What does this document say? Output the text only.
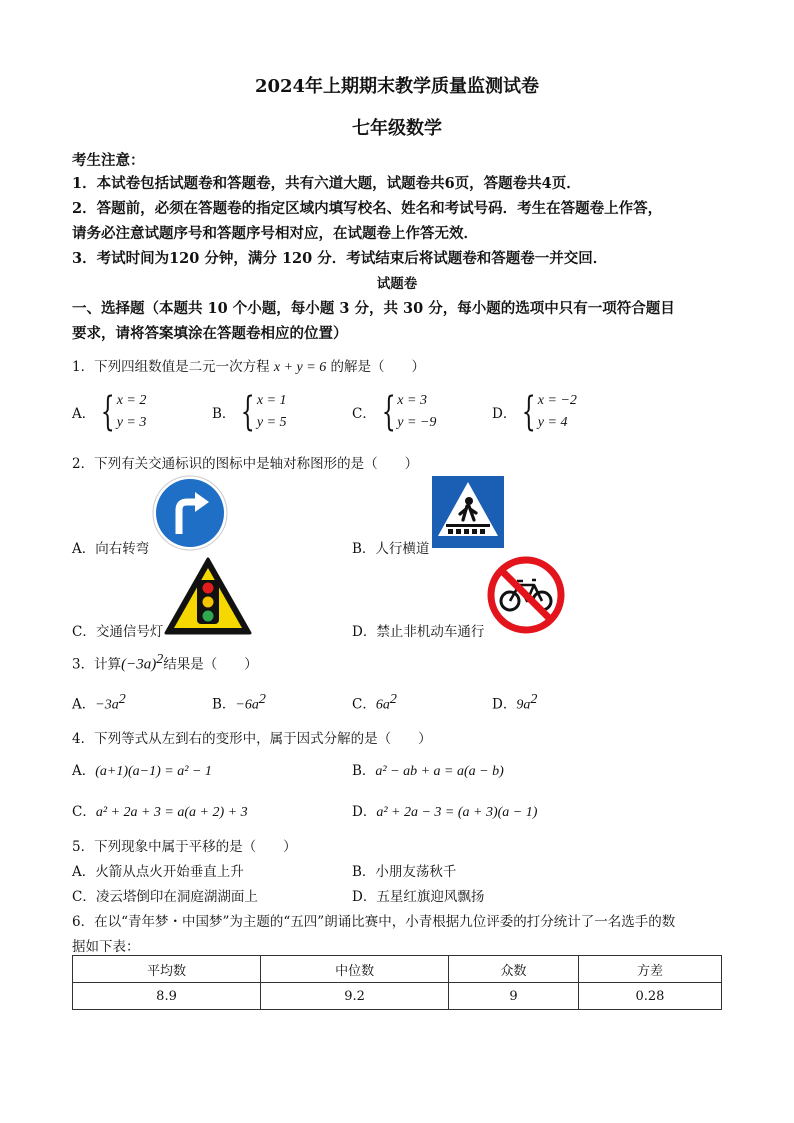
2024年上期期末教学质量监测试卷
七年级数学
考生注意：
1．本试卷包括试题卷和答题卷，共有六道大题，试题卷共6页，答题卷共4页．
2．答题前，必须在答题卷的指定区域内填写校名、姓名和考试号码．考生在答题卷上作答，
请务必注意试题序号和答题序号相对应，在试题卷上作答无效．
3．考试时间为120 分钟，满分 120 分．考试结束后将试题卷和答题卷一并交回．
试题卷
一、选择题（本题共 10 个小题，每小题 3 分，共 30 分，每小题的选项中只有一项符合题目
要求，请将答案填涂在答题卷相应的位置）
1．下列四组数值是二元一次方程 x + y = 6 的解是（　　）
A． { x = 2
y = 3
B． { x = 1
y = 5
C． { x = 3
y = −9
D． { x = −2
y = 4
2．下列有关交通标识的图标中是轴对称图形的是（　　）
A．向右转弯	B．人行横道
C．交通信号灯	D．禁止非机动车通行
3．计算$(-3a)^2$结果是（　　）
A．$-3a^2$	B．$-6a^2$	C．$6a^2$	D．$9a^2$
4．下列等式从左到右的变形中，属于因式分解的是（　　）
A．(a+1)(a−1) = a² − 1	B．a² − ab + a = a(a − b)
C．a² + 2a + 3 = a(a + 2) + 3	D．a² + 2a − 3 = (a + 3)(a − 1)
5．下列现象中属于平移的是（　　）
A．火箭从点火开始垂直上升	B．小朋友荡秋千
C．凌云塔倒印在洞庭湖湖面上	D．五星红旗迎风飘扬
6．在以“青年梦・中国梦”为主题的“五四”朗诵比赛中，小青根据九位评委的打分统计了一名选手的数
据如下表：
平均数	中位数	众数	方差
8.9	9.2	9	0.28
